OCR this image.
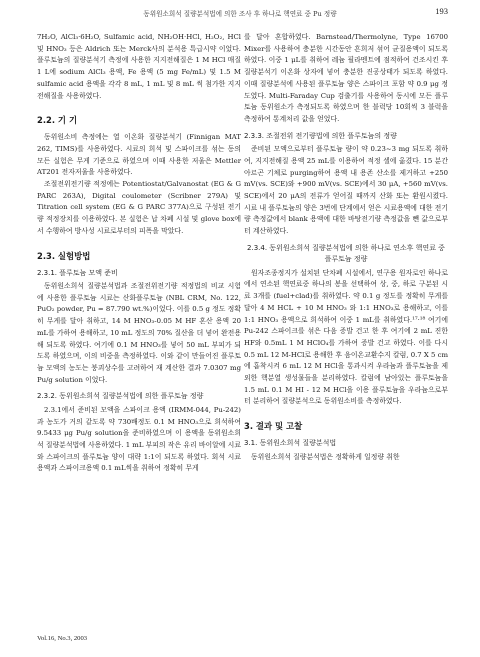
동위원소희석 질량분석법에 의한 조사 후 하나로 핵연료 중 Pu 정량	193

7H₂O, AlCl₃·6H₂O, Sulfamic acid, NH₂OH·HCl, H₂O₂, HCl 및 HNO₃ 등은 Aldrich 또는 Merck사의 분석용 특급시약 이었다. 플루토늄의 질량분석기 측정에 사용한 지지전해질은 1 M HCl 매질 1 L에 sodium AlCl₃ 용액, Fe 용액 (5 mg Fe/mL) 및 1.5 M sulfamic acid 용액을 각각 8 mL, 1 mL 및 8 mL 씩 첨가한 지지전해질을 사용하였다.

2.2. 기 기

동위원소비 측정에는 열 이온화 질량분석기 (Finnigan MAT 262, TIMS)를 사용하였다. 시료의 희석 및 스파이크를 섞는 동의 모든 실험은 무게 기준으로 하였으며 이때 사용한 저울은 Mettler AT201 전자저울을 사용하였다.

조절전위전기량 적정에는 Potentiostat/Galvanostat (EG & G PARC 263A), Digital coulometer (Scribner 279A) 및 Titration cell system (EG & G PARC 377A)으로 구성된 전기량 적정장치를 이용하였다. 본 실험은 납 차폐 시설 및 glove box에서 수행하여 방사성 시료로부터의 피폭을 막았다.

2.3. 실험방법
2.3.1. 플루토늄 모액 준비

동위원소희석 질량분석법과 조절전위전기량 적정법의 비교 시험에 사용한 플루토늄 시료는 산화플루토늄 (NBL CRM, No. 122, PuO₂ powder, Pu = 87.790 wt.%)이었다. 이를 0.5 g 정도 정확히 무게를 달아 취하고, 14 M HNO₃-0.05 M HF 혼산 용액 20 mL를 가하여 용해하고, 10 mL 정도의 70% 질산을 더 넣어 완전용해 되도록 하였다. 여기에 0.1 M HNO₃를 넣어 50 mL 부피가 되도록 하였으며, 이의 비중을 측정하였다. 이와 같이 만들어진 플루토늄 모액의 농도는 붕괴상수를 고려하여 재 계산한 결과 7.0307 mg Pu/g solution 이었다.

2.3.2. 동위원소희석 질량분석법에 의한 플루토늄 정량

2.3.1에서 준비된 모액을 스파이크 용액 (IRMM-044, Pu-242)과 농도가 거의 같도록 약 730배정도 0.1 M HNO₃으로 희석하여 9.5433 μg Pu/g solution을 준비하였으며 이 용액을 동위원소희석 질량분석법에 사용하였다. 1 mL 부피의 작은 유리 바이알에 시료와 스파이크의 플루토늄 양이 대략 1:1이 되도록 하였다. 회석 시료 용액과 스파이크용액 0.1 mL씩을 취하여 정확히 무게

를 달아 혼합하였다. Barnstead/Thermolyne, Type 16700 Mixer를 사용하여 충분한 시간동안 흔희저 섞어 균질용액이 되도록 하였다. 이중 1 μL를 취하여 레늄 필라멘트에 점적하여 건조시킨 후 질량분석기 이온화 상자에 넣어 충분한 진공상태가 되도록 하였다. 이때 질량분석에 사용된 플루토늄 양은 스파이크 포함 약 0.9 μg 정도였다. Multi-Faraday Cup 검출기를 사용하여 동시에 모든 플루토늄 동위원소가 측정되도록 하였으며 한 블럭당 10회씩 3 블럭을 측정하여 통계처리 값을 얻었다.

2.3.3. 조절전위 전기량법에 의한 플루토늄의 정량

준비된 모액으로부터 플루토늄 량이 약 0.23~3 mg 되도록 취하여, 지지전해질 용액 25 mL를 이용하여 적정 셀에 옮겼다. 15 분간 아르곤 기체로 purging하여 용액 내 용존 산소를 제거하고 +250 mV(vs. SCE)와 +900 mV(vs. SCE)에서 30 μA, +560 mV(vs. SCE)에서 20 μA의 전류가 얻어질 때까지 산화 또는 환원시켰다. 시료 내 플루토늄의 양은 3번에 단계에서 얻은 시료용액에 대한 전기량 측정값에서 blank 용액에 대한 바탕전기량 측정값을 뺀 값으로부터 계산하였다.

2.3.4. 동위원소희석 질량분석법에 의한 하나로 연소후 핵연료 중 플루토늄 정량

원자조종정지가 설치된 단차폐 시설에서, 연구용 원자로인 하나로에서 연소된 핵연료중 하나의 봉을 선택하여 상, 중, 하로 구분된 시료 3개를 (fuel+clad)를 취하였다. 약 0.1 g 정도를 정확히 무게를 달아 4 M HCL + 10 M HNO₃ 와 1:1 HNO₃로 용해하고, 이를 1:1 HNO₃ 용액으로 희석하여 이중 1 mL를 취하였다.¹⁷·¹⁸ 여기에 Pu-242 스파이크를 섞은 다음 증발 건고 한 후 여기에 2 mL 진한 HF와 0.5mL 1 M HClO₄를 가하여 증발 건고 하였다. 이를 다시 0.5 mL 12 M-HCl로 용해한 후 음이온교환수지 칼럼, 0.7 X 5 cm에 흡착시켜 6 mL 12 M HCl을 통과시켜 우라늄과 플루토늄을 제외한 핵분열 생성물들을 분리하였다. 칼럼에 남아있는 플루토늄을 1.5 mL 0.1 M HI - 12 M HCl을 이용 플루토늄을 우라늄으로부터 분리하여 질량분석으로 동위원소비를 측정하였다.

3. 결과 및 고찰
3.1. 동위원소희석 질량분석법

동위원소희석 질량분석법은 정확하게 일정량 취한

Vol.16, No.3, 2003
